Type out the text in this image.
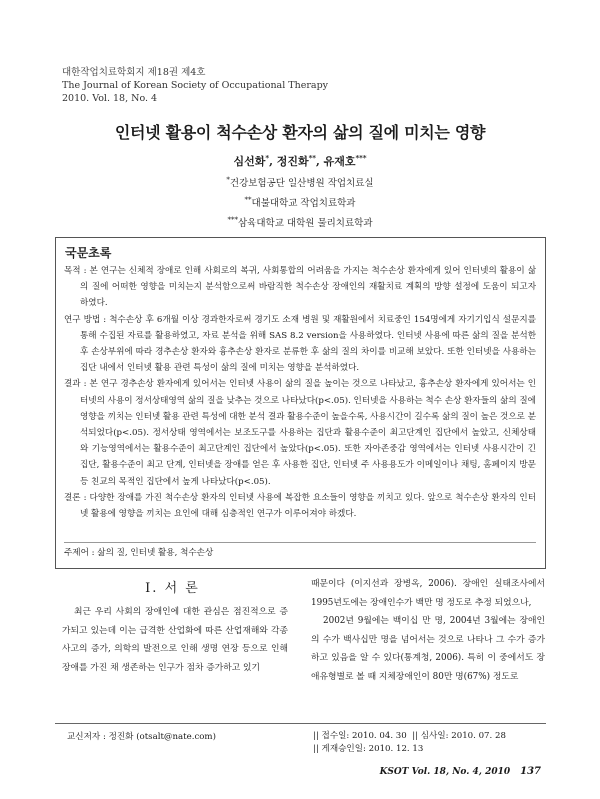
대한작업치료학회지 제18권 제4호
The Journal of Korean Society of Occupational Therapy
2010. Vol. 18, No. 4
인터넷 활용이 척수손상 환자의 삶의 질에 미치는 영향
심선화*, 정진화**, 유재호***
*건강보험공단 일산병원 작업치료실
**대불대학교 작업치료학과
***삼육대학교 대학원 물리치료학과
국문초록

목적 : 본 연구는 신체적 장애로 인해 사회로의 복귀, 사회통합의 어려움을 가지는 척수손상 환자에게 있어 인터넷의 활용이 삶의 질에 어떠한 영향을 미치는지 분석함으로써 바람직한 척수손상 장애인의 재활치료 계획의 방향 설정에 도움이 되고자 하였다.

연구 방법 : 척수손상 후 6개월 이상 경과한자로써 경기도 소재 병원 및 재활원에서 치료중인 154명에게 자기기입식 설문지를 통해 수집된 자료를 활용하였고, 자료 분석을 위해 SAS 8.2 version을 사용하였다. 인터넷 사용에 따른 삶의 질을 분석한 후 손상부위에 따라 경추손상 환자와 흉추손상 환자로 분류한 후 삶의 질의 차이를 비교해 보았다. 또한 인터넷을 사용하는 집단 내에서 인터넷 활용 관련 특성이 삶의 질에 미치는 영향을 분석하였다.

결과 : 본 연구 경추손상 환자에게 있어서는 인터넷 사용이 삶의 질을 높이는 것으로 나타났고, 흉추손상 환자에게 있어서는 인터넷의 사용이 정서상태영역 삶의 질을 낮추는 것으로 나타났다(p<.05). 인터넷을 사용하는 척수 손상 환자들의 삶의 질에 영향을 끼치는 인터넷 활용 관련 특성에 대한 분석 결과 활용수준이 높을수록, 사용시간이 길수록 삶의 질이 높은 것으로 분석되었다(p<.05). 정서상태 영역에서는 보조도구를 사용하는 집단과 활용수준이 최고단계인 집단에서 높았고, 신체상태와 기능영역에서는 활용수준이 최고단계인 집단에서 높았다(p<.05). 또한 자아존중감 영역에서는 인터넷 사용시간이 긴 집단, 활용수준이 최고 단계, 인터넷을 장애를 얻은 후 사용한 집단, 인터넷 주 사용용도가 이메일이나 채팅, 홈페이지 방문 등 친교의 목적인 집단에서 높게 나타났다(p<.05).

결론 : 다양한 장애를 가진 척수손상 환자의 인터넷 사용에 복잡한 요소들이 영향을 끼치고 있다. 앞으로 척수손상 환자의 인터넷 활용에 영향을 끼치는 요인에 대해 심층적인 연구가 이루어져야 하겠다.

주제어 : 삶의 질, 인터넷 활용, 척수손상
Ⅰ. 서 론
최근 우리 사회의 장애인에 대한 관심은 점진적으로 증가되고 있는데 이는 급격한 산업화에 따른 산업재해와 각종 사고의 증가, 의학의 발전으로 인해 생명 연장 등으로 인해 장애를 가진 채 생존하는 인구가 점차 증가하고 있기

때문이다 (이지선과 장병옥, 2006). 장애인 실태조사에서 1995년도에는 장애인수가 백만 명 정도로 추정 되었으나,

2002년 9월에는 백이십 만 명, 2004년 3월에는 장애인의 수가 백사십만 명을 넘어서는 것으로 나타나 그 수가 증가하고 있음을 알 수 있다(통계청, 2006). 특히 이 중에서도 장애유형별로 볼 때 지체장애인이 80만 명(67%) 정도로

교신저자 : 정진화 (otsalt@nate.com)	|| 접수일: 2010. 04. 30 || 심사일: 2010. 07. 28
|| 게재승인일: 2010. 12. 13
KSOT Vol. 18, No. 4, 2010 137
